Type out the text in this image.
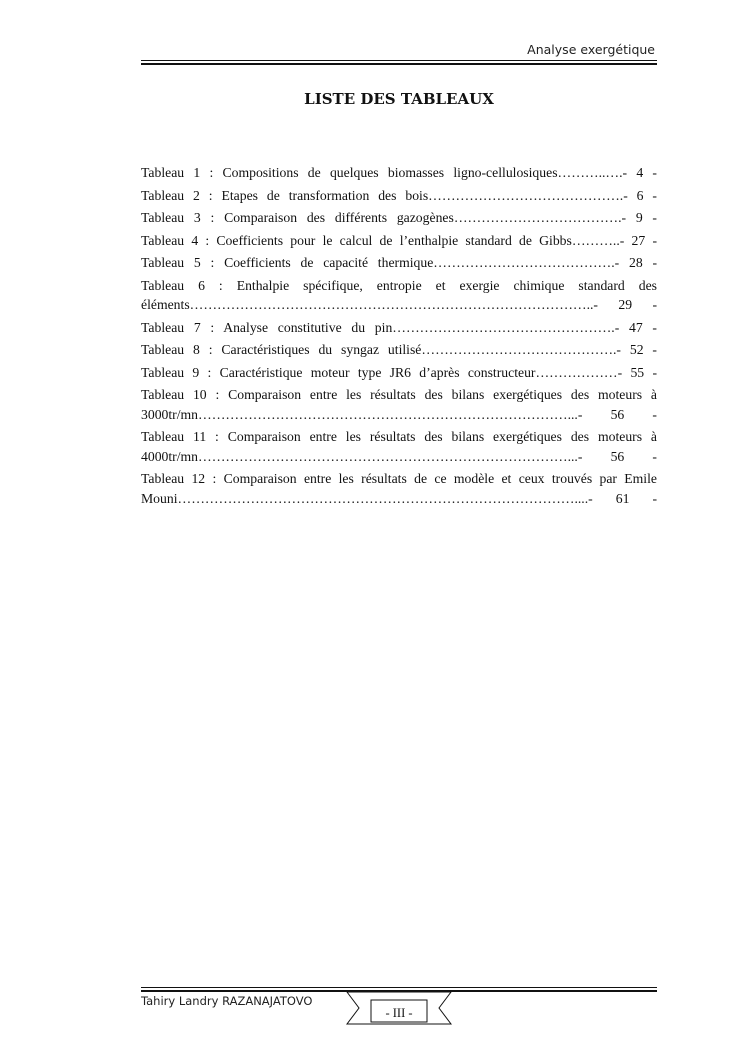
Analyse exergétique
LISTE DES TABLEAUX
Tableau 1 : Compositions de quelques biomasses ligno-cellulosiques………..….- 4 -
Tableau 2 : Etapes de transformation des bois…………………………………….- 6 -
Tableau 3 : Comparaison des différents gazogènes……………………………….- 9 -
Tableau 4 : Coefficients pour le calcul de l’enthalpie standard de Gibbs………..- 27 -
Tableau 5 : Coefficients de capacité thermique………………………………….- 28 -
Tableau 6 : Enthalpie spécifique, entropie et exergie chimique standard des éléments……………………………………………………………………………..- 29 -
Tableau 7 : Analyse constitutive du pin………………………………………….- 47 -
Tableau 8 : Caractéristiques du syngaz utilisé…………………………………….- 52 -
Tableau 9 : Caractéristique moteur type JR6 d’après constructeur………………- 55 -
Tableau 10 : Comparaison entre les résultats des bilans exergétiques des moteurs à 3000tr/mn………………………………………………………………………...- 56 -
Tableau 11 : Comparaison entre les résultats des bilans exergétiques des moteurs à 4000tr/mn………………………………………………………………………...- 56 -
Tableau 12 : Comparaison entre les résultats de ce modèle et ceux trouvés par Emile Mouni……………………………………………………………………………....- 61 -
Tahiry Landry RAZANAJATOVO
- III -
